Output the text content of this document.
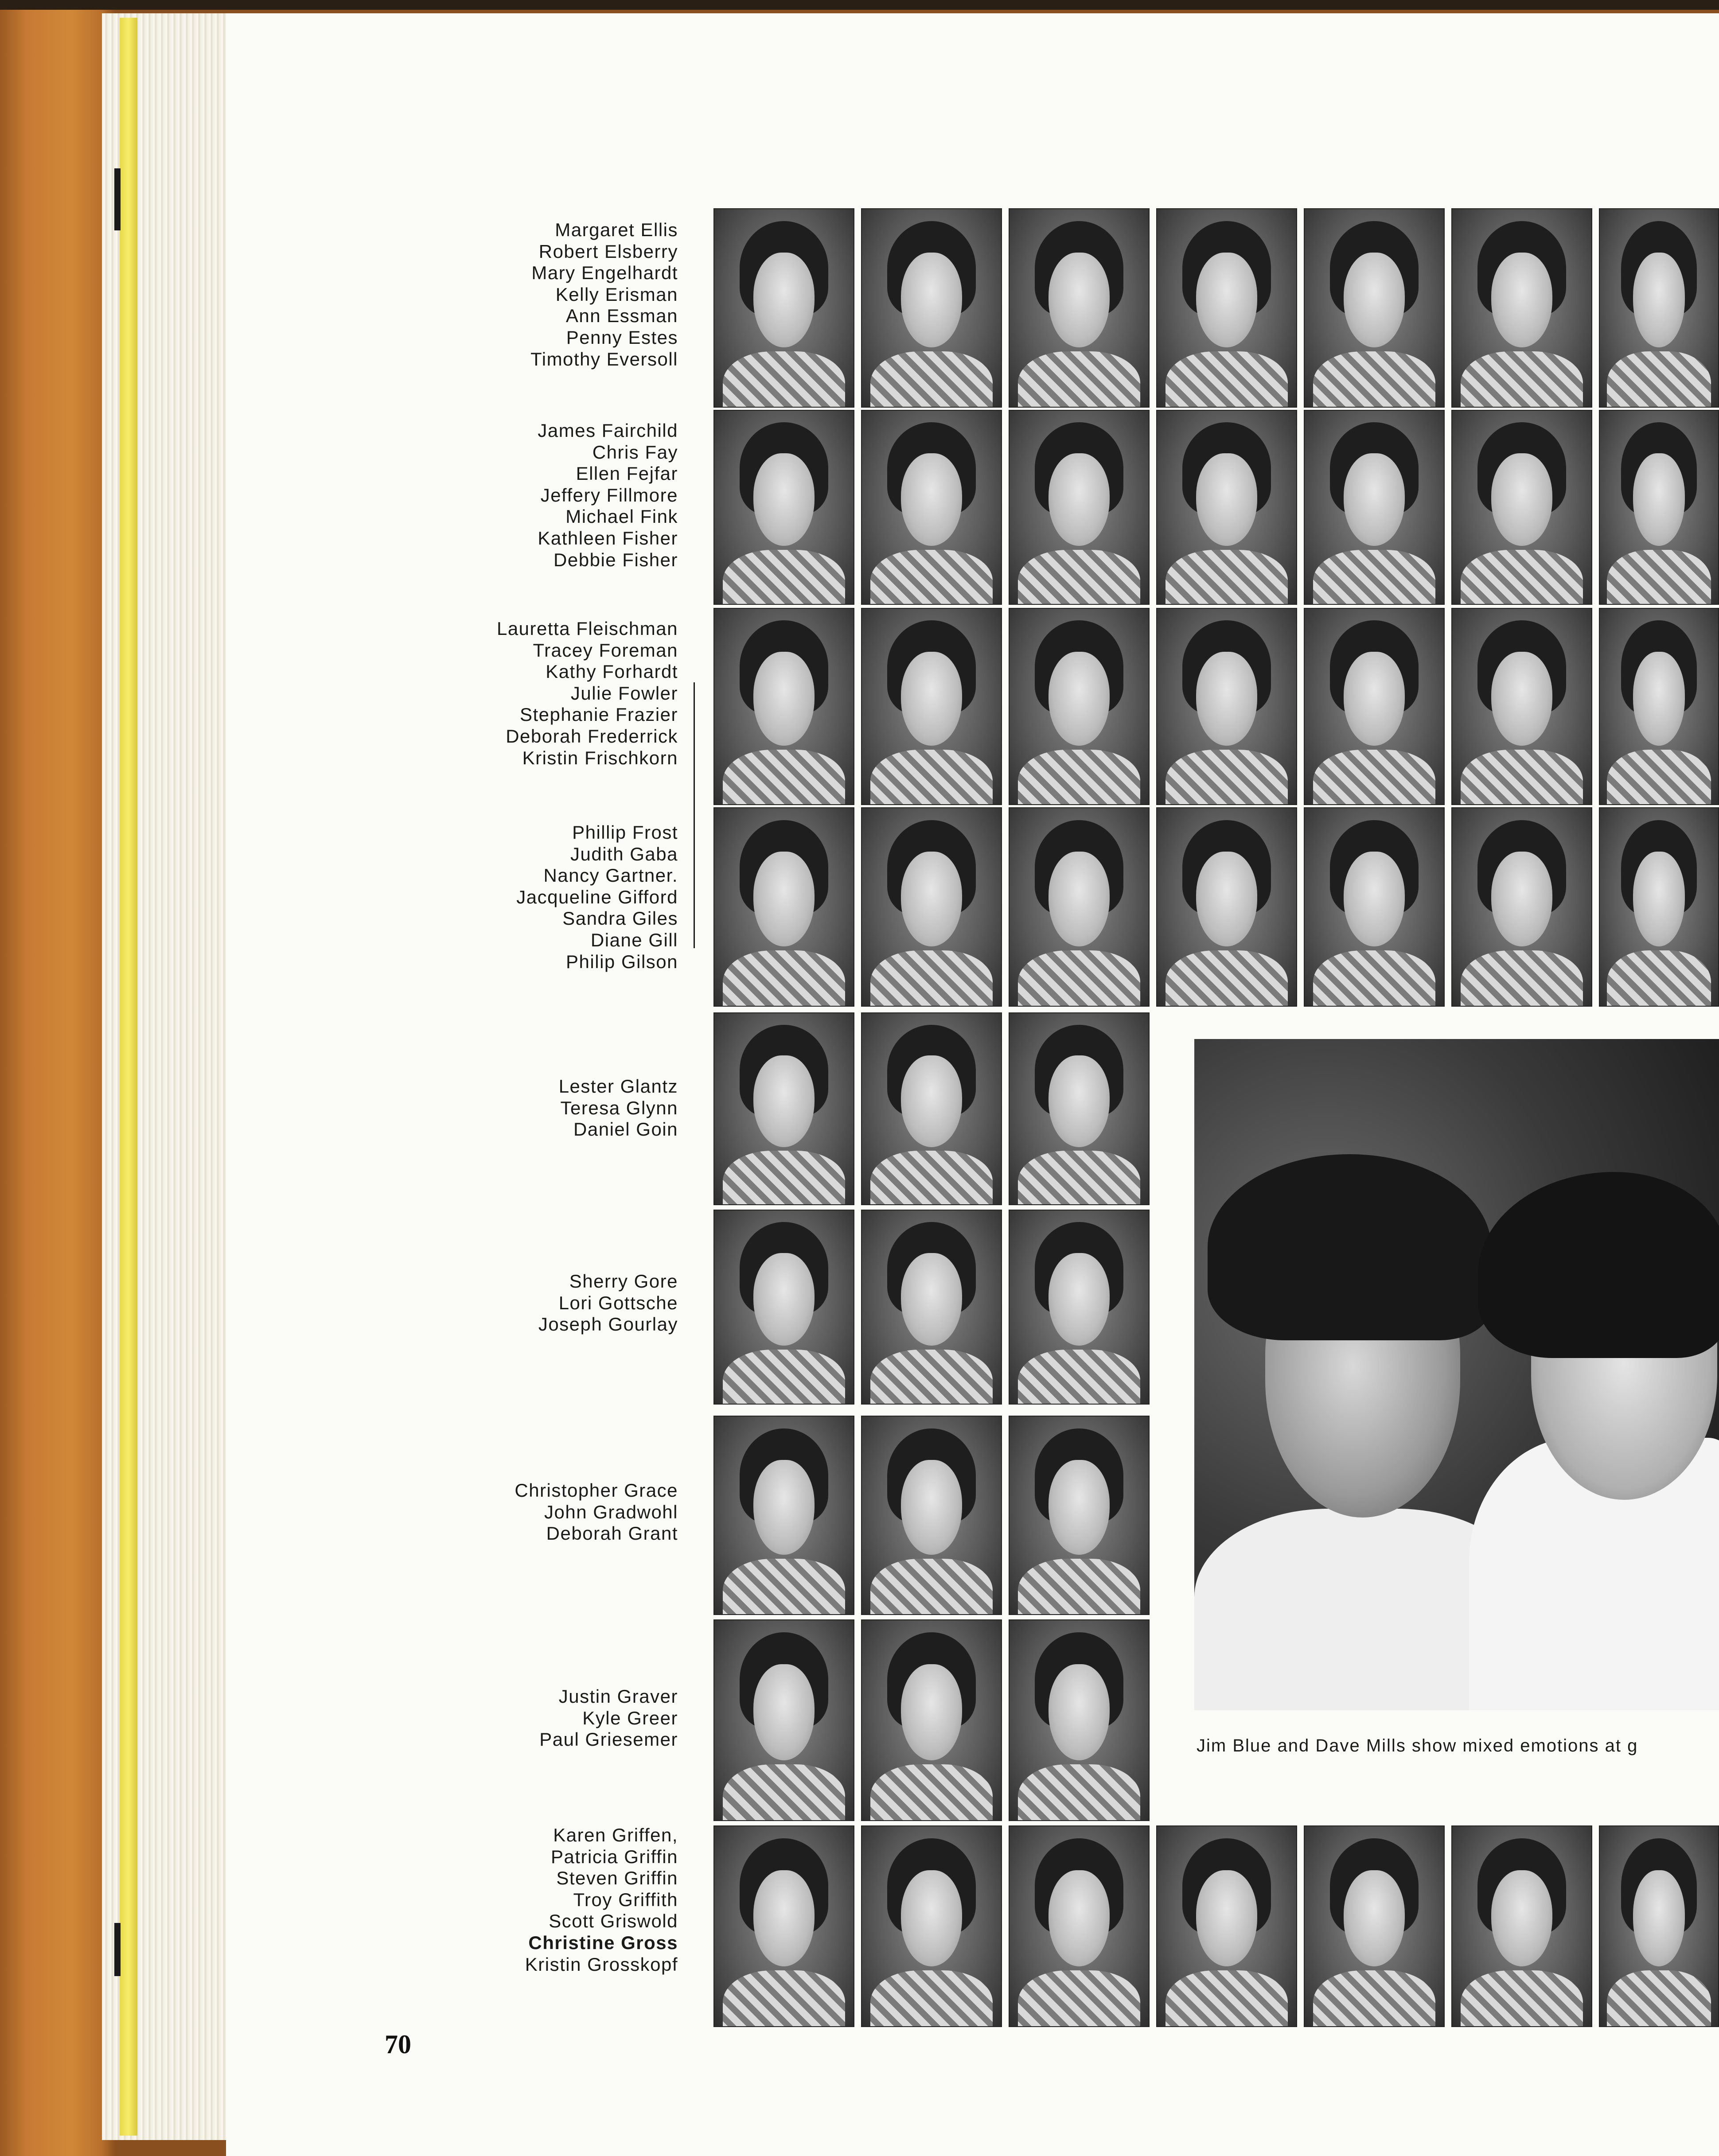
Margaret Ellis
Robert Elsberry
Mary Engelhardt
Kelly Erisman
Ann Essman
Penny Estes
Timothy Eversoll
James Fairchild
Chris Fay
Ellen Fejfar
Jeffery Fillmore
Michael Fink
Kathleen Fisher
Debbie Fisher
Lauretta Fleischman
Tracey Foreman
Kathy Forhardt
Julie Fowler
Stephanie Frazier
Deborah Frederrick
Kristin Frischkorn
Phillip Frost
Judith Gaba
Nancy Gartner.
Jacqueline Gifford
Sandra Giles
Diane Gill
Philip Gilson
Lester Glantz
Teresa Glynn
Daniel Goin
Sherry Gore
Lori Gottsche
Joseph Gourlay
Christopher Grace
John Gradwohl
Deborah Grant
Justin Graver
Kyle Greer
Paul Griesemer
Karen Griffen,
Patricia Griffin
Steven Griffin
Troy Griffith
Scott Griswold
Christine Gross
Kristin Grosskopf
Jim Blue and Dave Mills show mixed emotions at g
70
